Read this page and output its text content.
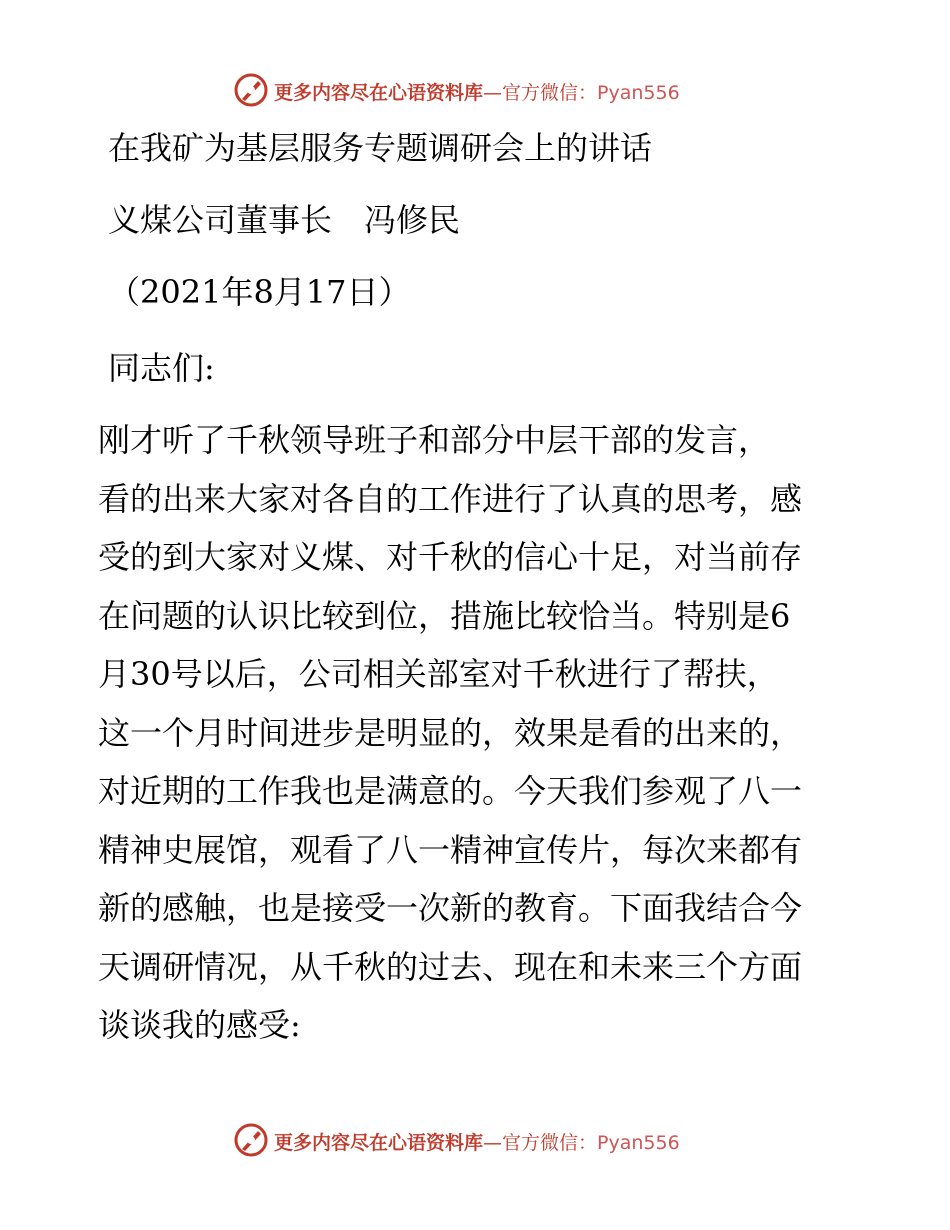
更多内容尽在心语资料库—官方微信：Pyan556
在我矿为基层服务专题调研会上的讲话
义煤公司董事长　冯修民
（2021年8月17日）
同志们:
刚才听了千秋领导班子和部分中层干部的发言，
看的出来大家对各自的工作进行了认真的思考，感
受的到大家对义煤、对千秋的信心十足，对当前存
在问题的认识比较到位，措施比较恰当。特别是6
月30号以后，公司相关部室对千秋进行了帮扶，
这一个月时间进步是明显的，效果是看的出来的，
对近期的工作我也是满意的。今天我们参观了八一
精神史展馆，观看了八一精神宣传片，每次来都有
新的感触，也是接受一次新的教育。下面我结合今
天调研情况，从千秋的过去、现在和未来三个方面
谈谈我的感受:
更多内容尽在心语资料库—官方微信：Pyan556
